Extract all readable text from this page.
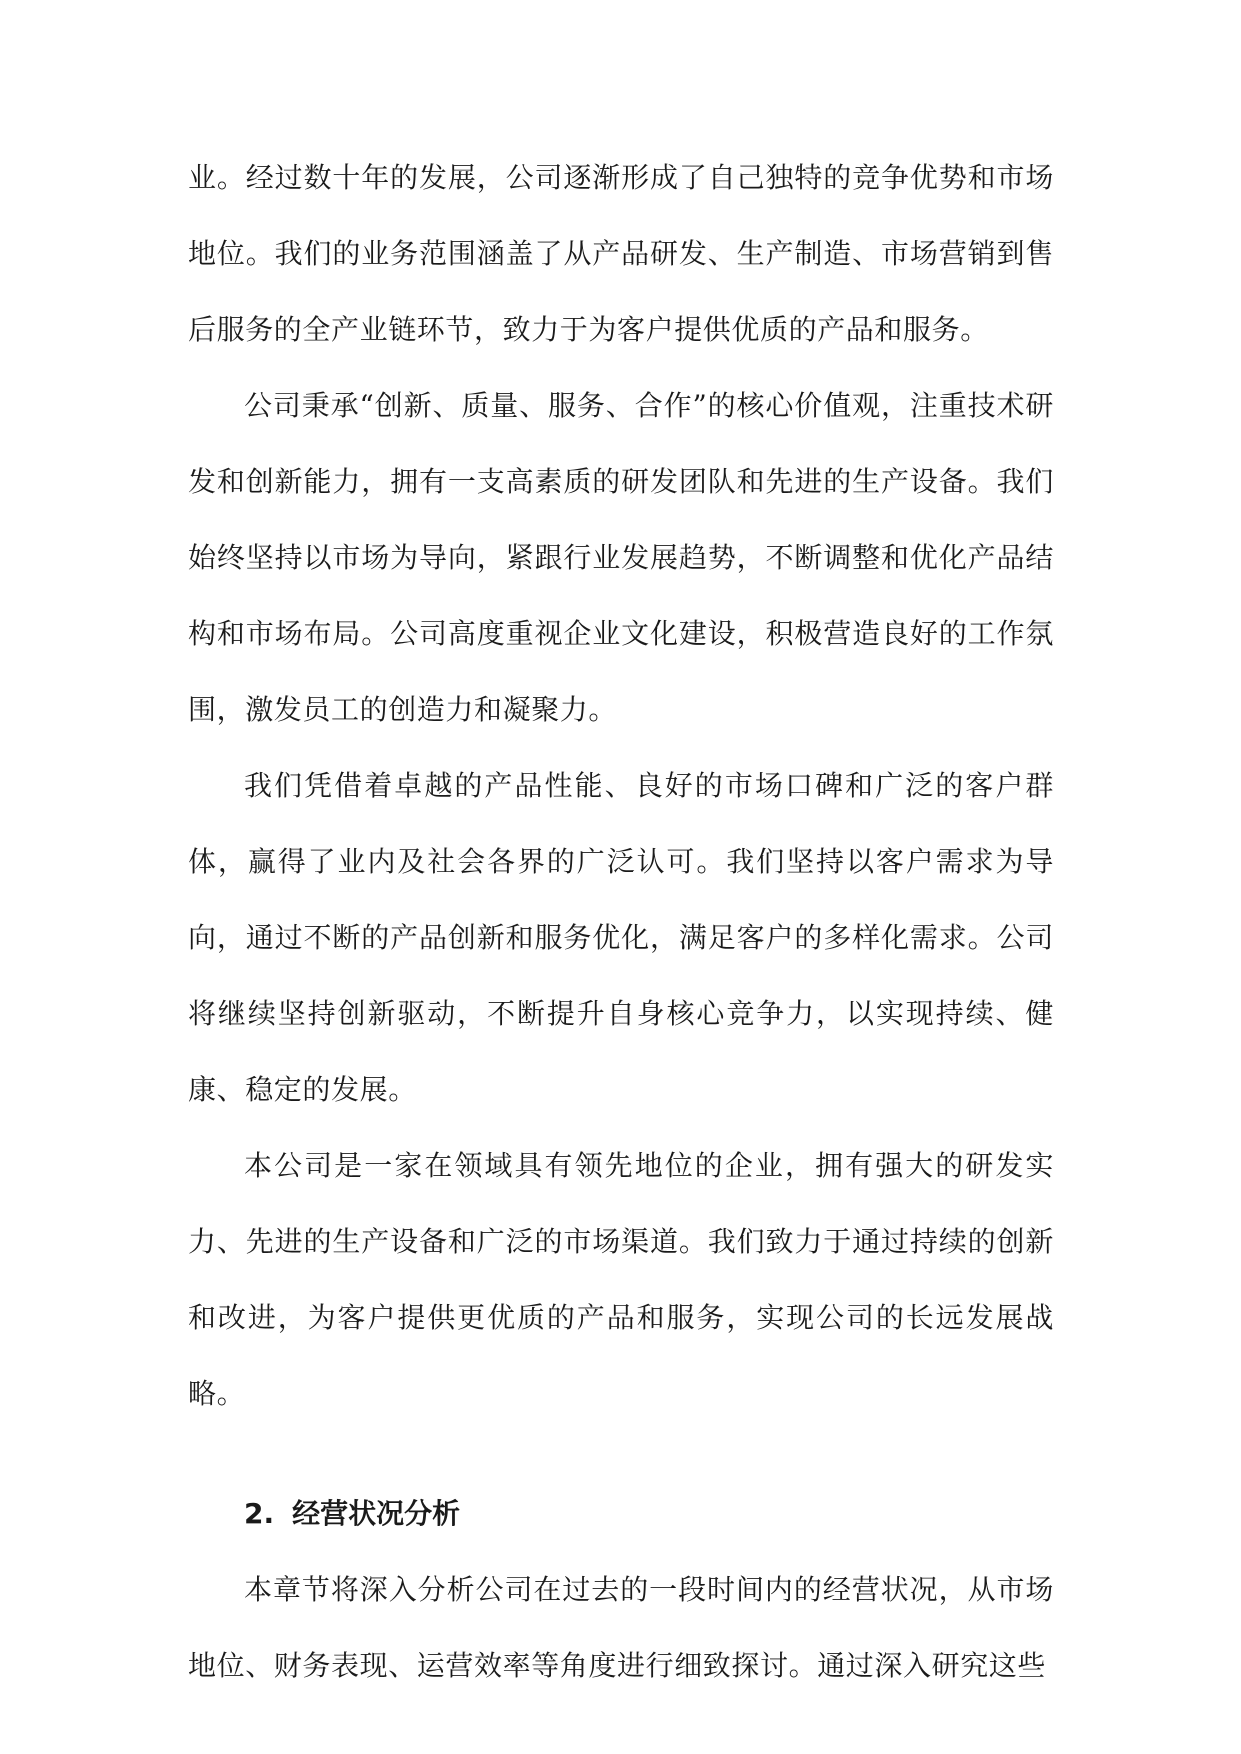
业。经过数十年的发展，公司逐渐形成了自己独特的竞争优势和市场地位。我们的业务范围涵盖了从产品研发、生产制造、市场营销到售后服务的全产业链环节，致力于为客户提供优质的产品和服务。

公司秉承“创新、质量、服务、合作”的核心价值观，注重技术研发和创新能力，拥有一支高素质的研发团队和先进的生产设备。我们始终坚持以市场为导向，紧跟行业发展趋势，不断调整和优化产品结构和市场布局。公司高度重视企业文化建设，积极营造良好的工作氛围，激发员工的创造力和凝聚力。

我们凭借着卓越的产品性能、良好的市场口碑和广泛的客户群体，赢得了业内及社会各界的广泛认可。我们坚持以客户需求为导向，通过不断的产品创新和服务优化，满足客户的多样化需求。公司将继续坚持创新驱动，不断提升自身核心竞争力，以实现持续、健康、稳定的发展。

本公司是一家在领域具有领先地位的企业，拥有强大的研发实力、先进的生产设备和广泛的市场渠道。我们致力于通过持续的创新和改进，为客户提供更优质的产品和服务，实现公司的长远发展战略。

2. 经营状况分析

本章节将深入分析公司在过去的一段时间内的经营状况，从市场地位、财务表现、运营效率等角度进行细致探讨。通过深入研究这些
